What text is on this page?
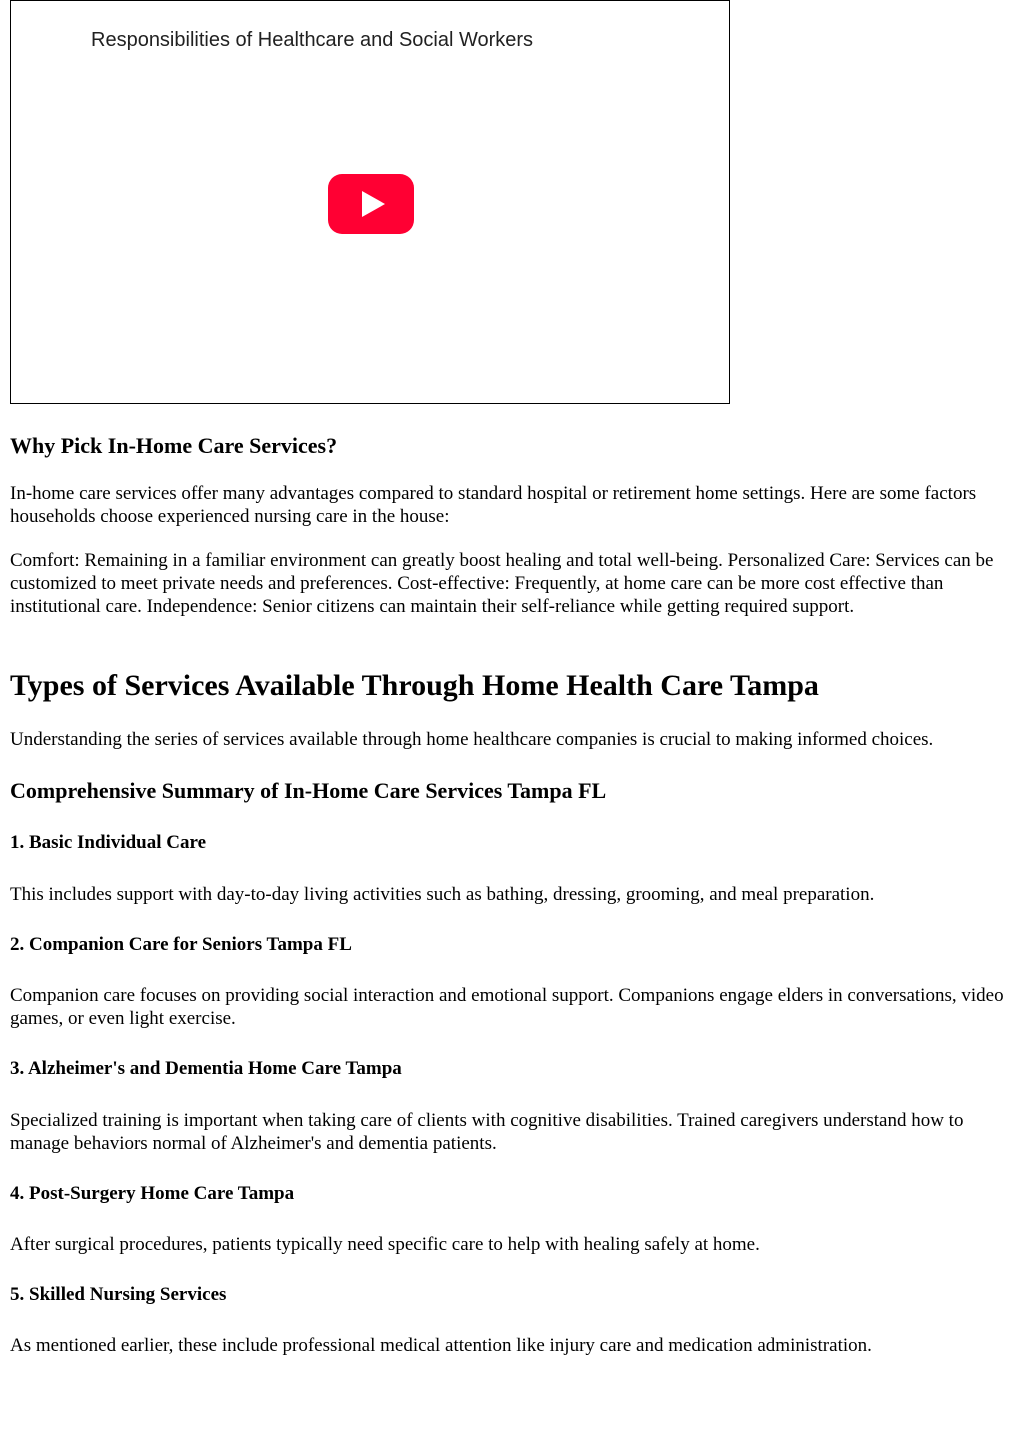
Responsibilities of Healthcare and Social Workers
Why Pick In-Home Care Services?

In-home care services offer many advantages compared to standard hospital or retirement home settings. Here are some factors households choose experienced nursing care in the house:

Comfort: Remaining in a familiar environment can greatly boost healing and total well-being. Personalized Care: Services can be customized to meet private needs and preferences. Cost-effective: Frequently, at home care can be more cost effective than institutional care. Independence: Senior citizens can maintain their self-reliance while getting required support.

Types of Services Available Through Home Health Care Tampa

Understanding the series of services available through home healthcare companies is crucial to making informed choices.

Comprehensive Summary of In-Home Care Services Tampa FL
1. Basic Individual Care

This includes support with day-to-day living activities such as bathing, dressing, grooming, and meal preparation.

2. Companion Care for Seniors Tampa FL

Companion care focuses on providing social interaction and emotional support. Companions engage elders in conversations, video games, or even light exercise.

3. Alzheimer's and Dementia Home Care Tampa

Specialized training is important when taking care of clients with cognitive disabilities. Trained caregivers understand how to manage behaviors normal of Alzheimer's and dementia patients.

4. Post-Surgery Home Care Tampa

After surgical procedures, patients typically need specific care to help with healing safely at home.

5. Skilled Nursing Services

As mentioned earlier, these include professional medical attention like injury care and medication administration.
